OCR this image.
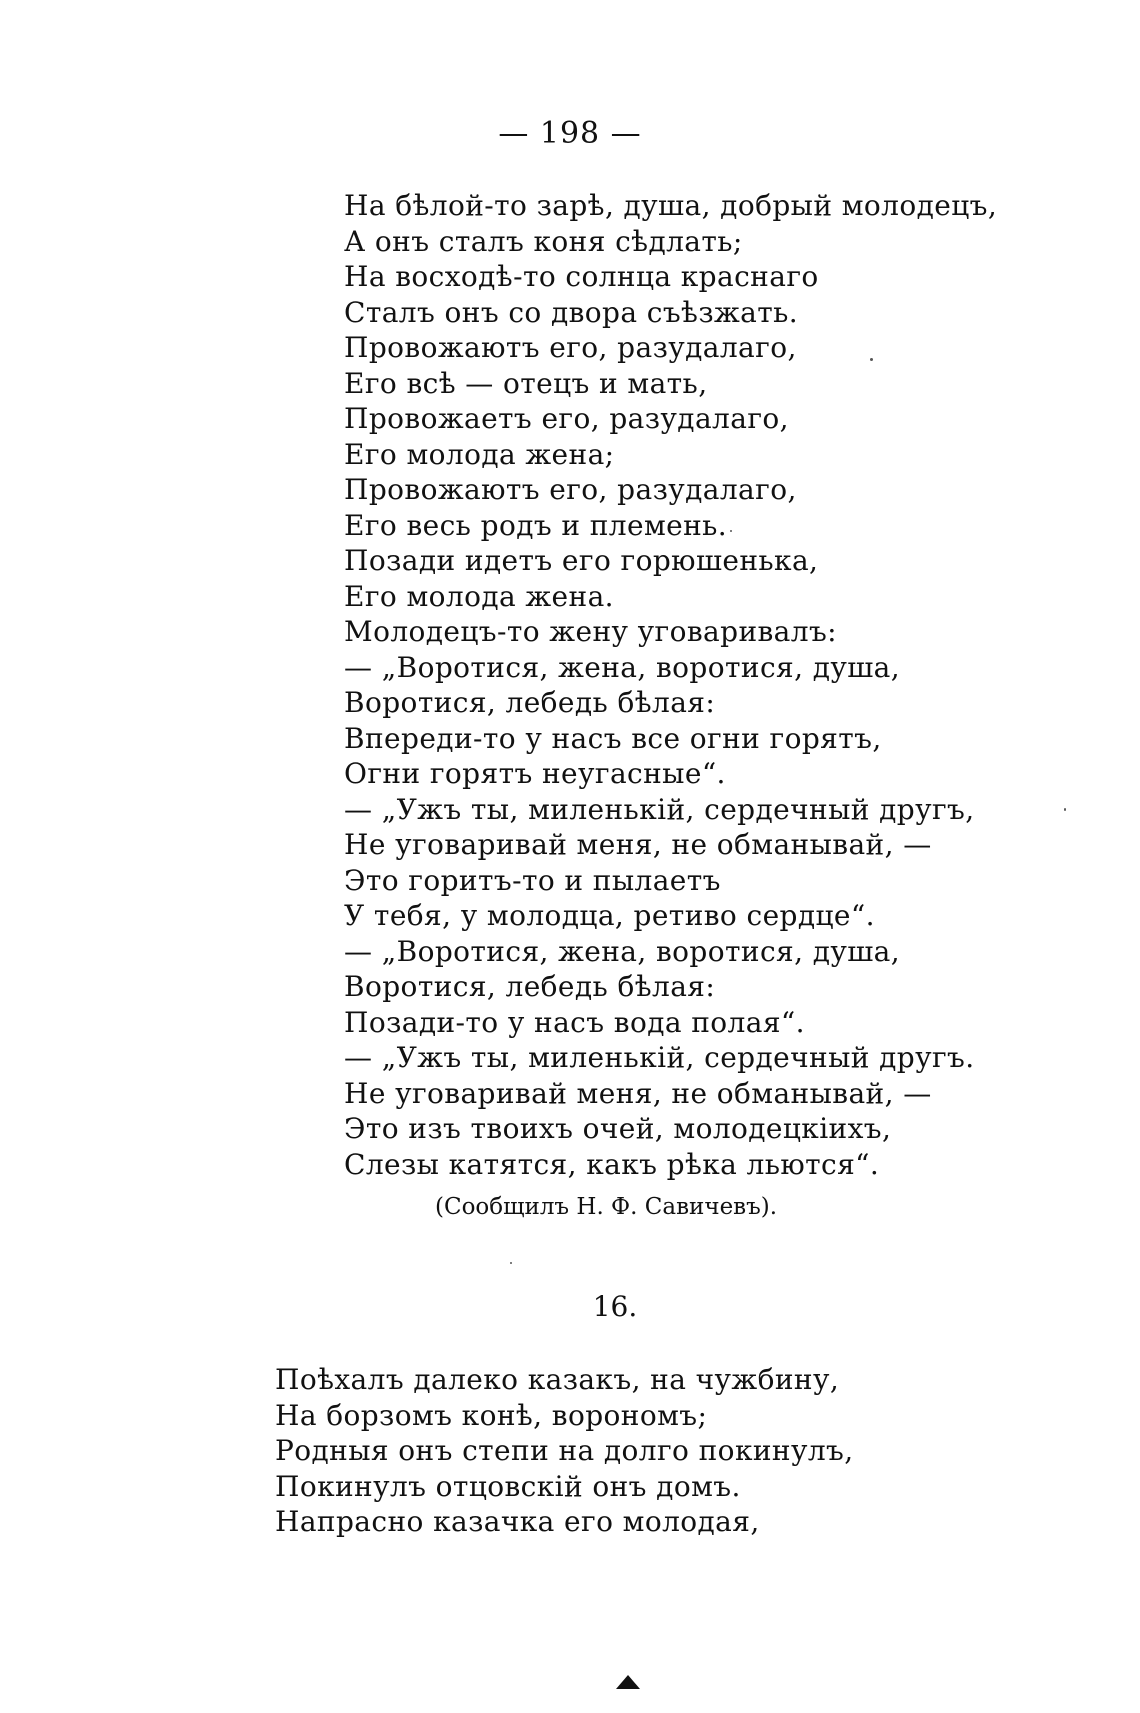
— 198 —
На бѣлой-то зарѣ, душа, добрый молодецъ,
А онъ сталъ коня сѣдлать;
На восходѣ-то солнца краснаго
Сталъ онъ со двора съѣзжать.
Провожаютъ его, разудалаго,
Его всѣ — отецъ и мать,
Провожаетъ его, разудалаго,
Его молода жена;
Провожаютъ его, разудалаго,
Его весь родъ и племень.
Позади идетъ его горюшенька,
Его молода жена.
Молодецъ-то жену уговаривалъ:
— „Воротися, жена, воротися, душа,
Воротися, лебедь бѣлая:
Впереди-то у насъ все огни горятъ,
Огни горятъ неугасные“.
— „Ужъ ты, миленькій, сердечный другъ,
Не уговаривай меня, не обманывай, —
Это горитъ-то и пылаетъ
У тебя, у молодца, ретиво сердце“.
— „Воротися, жена, воротися, душа,
Воротися, лебедь бѣлая:
Позади-то у насъ вода полая“.
— „Ужъ ты, миленькій, сердечный другъ.
Не уговаривай меня, не обманывай, —
Это изъ твоихъ очей, молодецкіихъ,
Слезы катятся, какъ рѣка льются“.
(Сообщилъ Н. Ф. Савичевъ).
16.
Поѣхалъ далеко казакъ, на чужбину,
На борзомъ конѣ, ворономъ;
Родныя онъ степи на долго покинулъ,
Покинулъ отцовскій онъ домъ.
Напрасно казачка его молодая,
